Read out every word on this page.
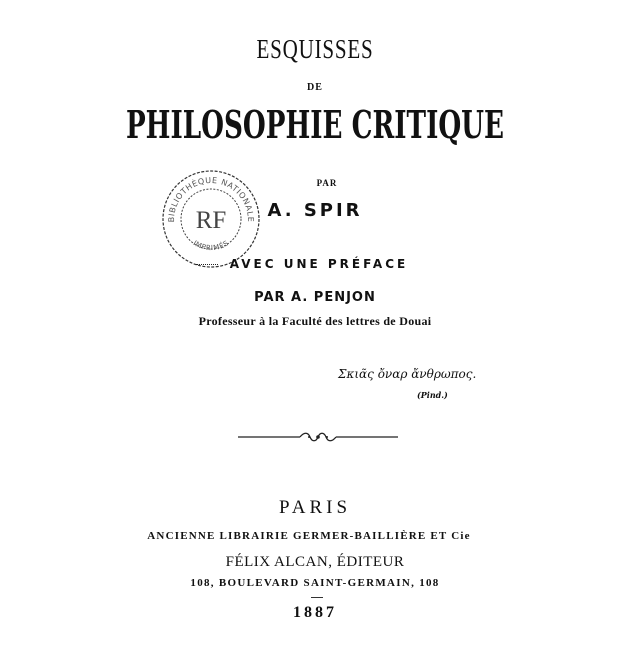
ESQUISSES
DE
PHILOSOPHIE CRITIQUE
PAR
A. SPIR
BIBLIOTHÈQUE NATIONALE
IMPRIMÉS
RF
AVEC UNE PRÉFACE
PAR A. PENJON
Professeur à la Faculté des lettres de Douai
Σκιᾶς ὄναρ ἄνθρωπος.
(Pind.)
PARIS
ANCIENNE LIBRAIRIE GERMER-BAILLIÈRE ET Cie
FÉLIX ALCAN, ÉDITEUR
108, BOULEVARD SAINT-GERMAIN, 108
1887
